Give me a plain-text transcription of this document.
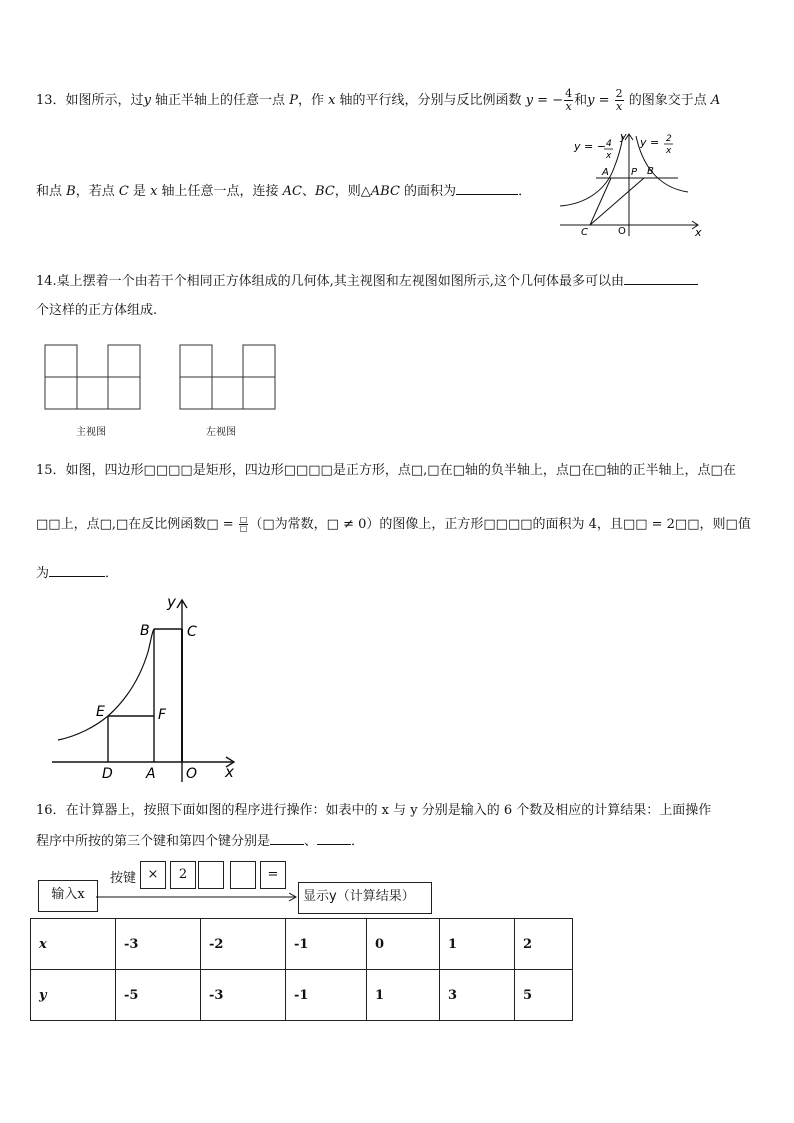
13．如图所示，过y 轴正半轴上的任意一点 P，作 x 轴的平行线，分别与反比例函数 y = − $\frac{4}{x}$ 和$y = \frac{2}{x}$ 的图象交于点 A
和点 B，若点 C 是 x 轴上任意一点，连接 AC、BC，则△ABC 的面积为	．
y = − 4
x
y = 2
x
y
x
A P B
C	O
14.桌上摆着一个由若干个相同正方体组成的几何体,其主视图和左视图如图所示,这个几何体最多可以由
个这样的正方体组成.
主视图	左视图
15．如图，四边形□□□□是矩形，四边形□□□□是正方形，点□,□在□轴的负半轴上，点□在□轴的正半轴上，点□在
□□上，点□,□在反比例函数□ = $\frac{□}{□}$ （□为常数，□ ≠ 0）的图像上，正方形□□□□的面积为 4，且□□ = 2□□，则□值
为	．
y
x
B	C
E	F
D A O
16．在计算器上，按照下面如图的程序进行操作：如表中的 x 与 y 分别是输入的 6 个数及相应的计算结果：上面操作
程序中所按的第三个键和第四个键分别是	、	．
输入x
按键 ×	2	=
显示y（计算结果）
x	-3	-2	-1	0	1	2
y	-5	-3	-1	1	3	5
